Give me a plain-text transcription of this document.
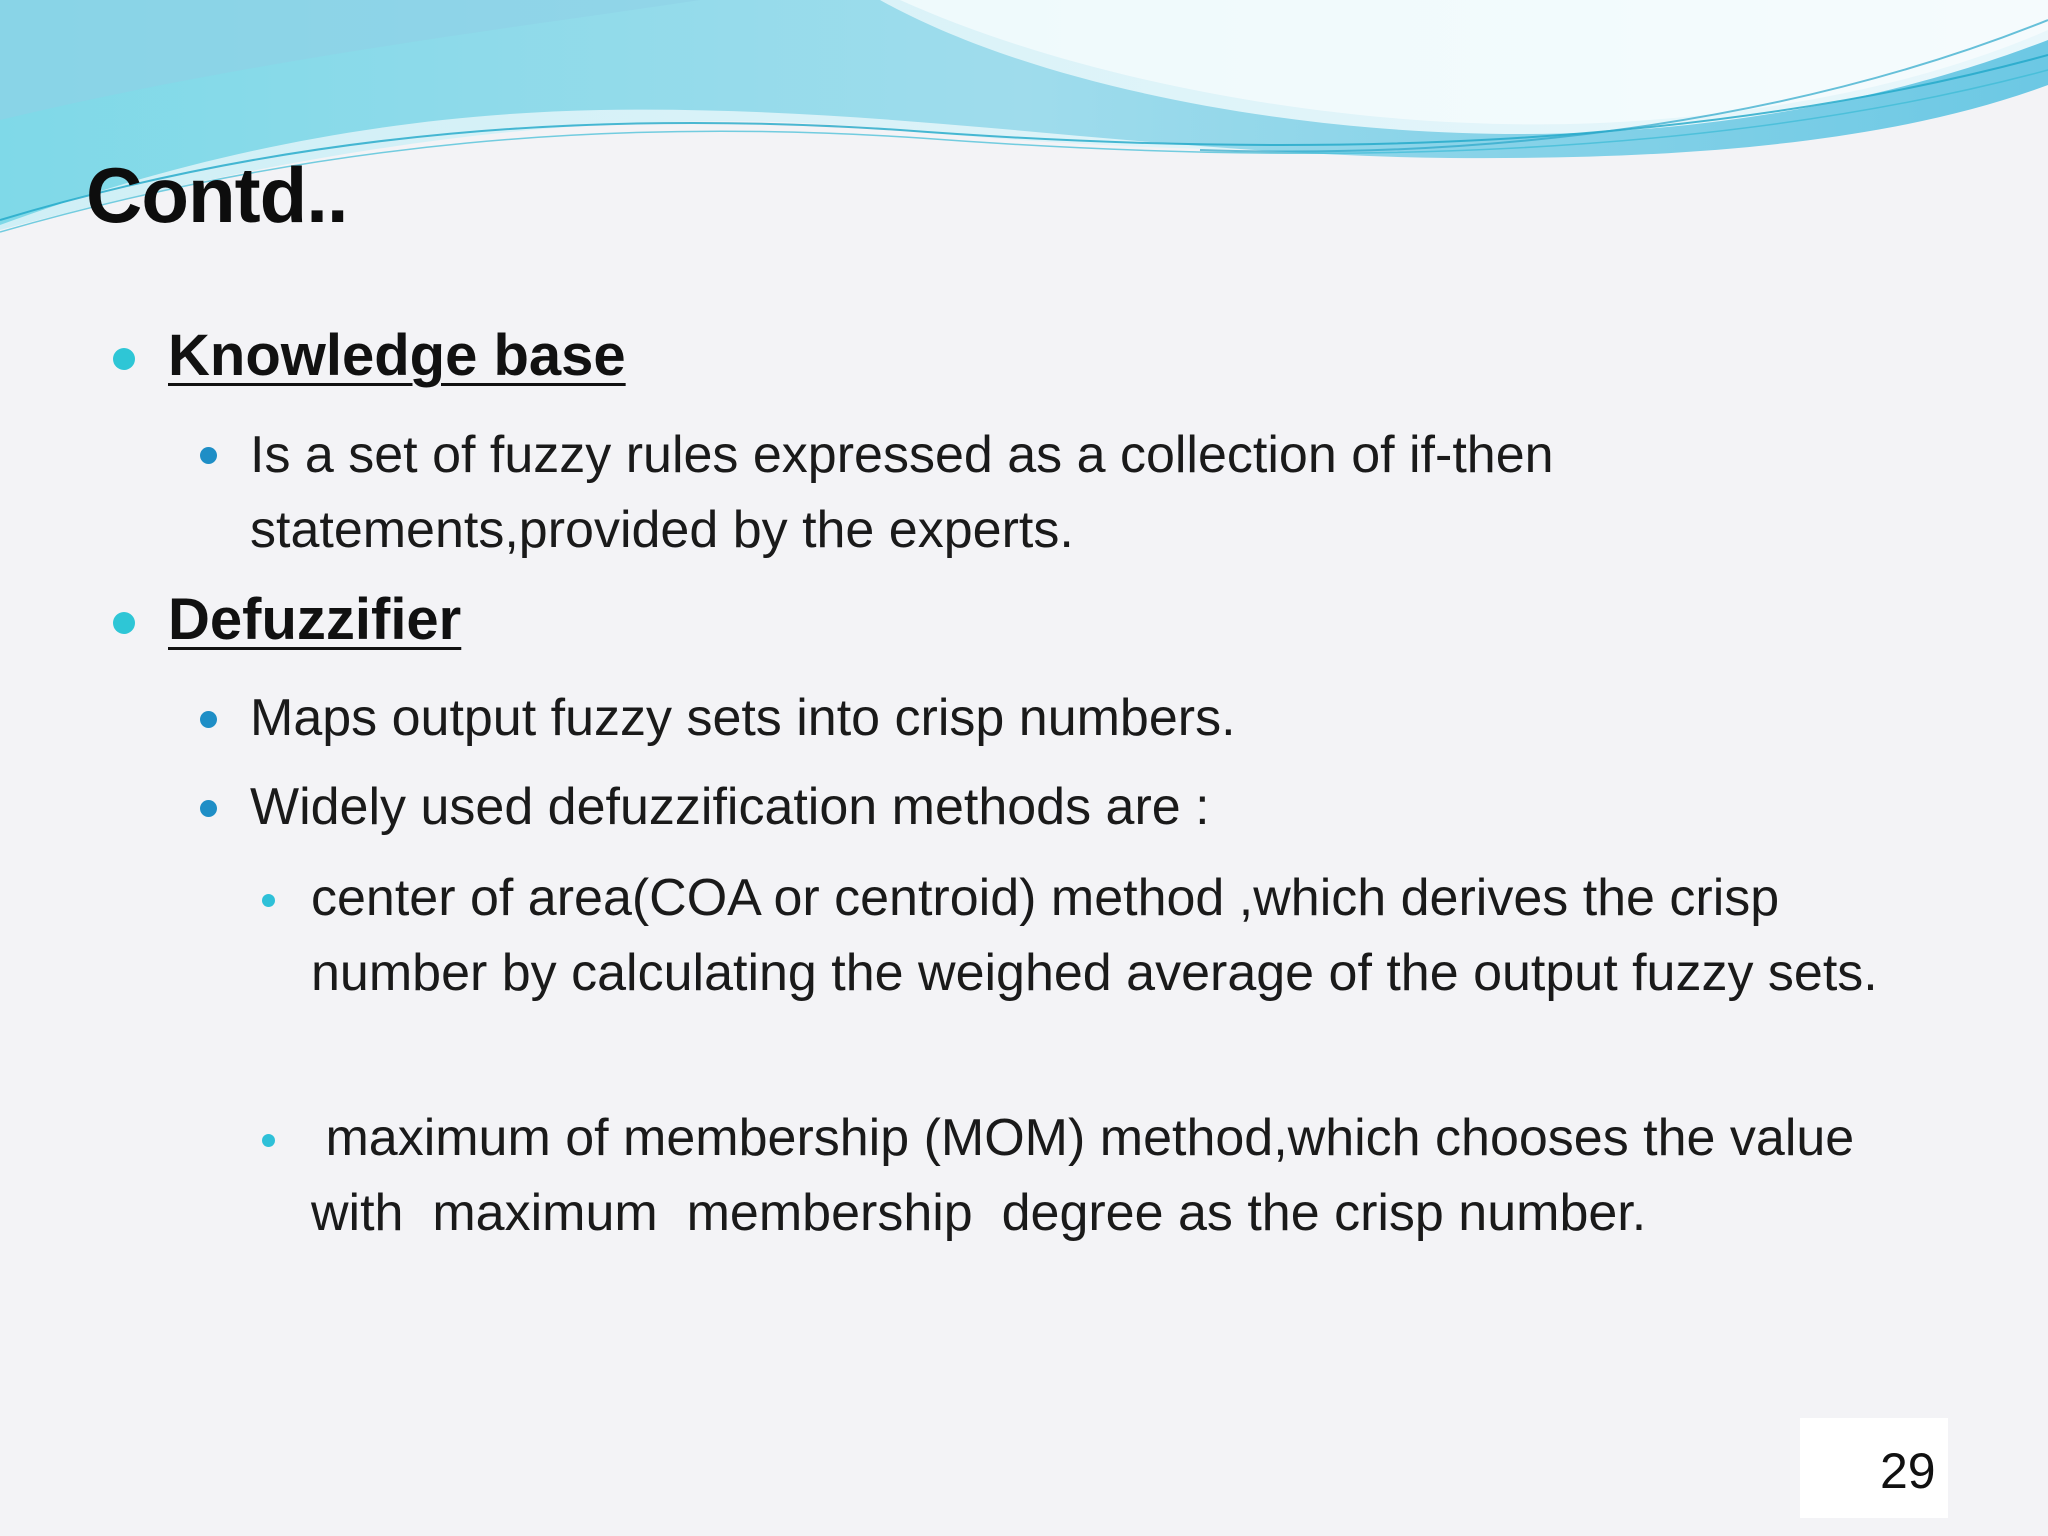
Contd..
Knowledge base
Is a set of fuzzy rules expressed as a collection of if-then statements,provided by the experts.
Defuzzifier
Maps output fuzzy sets into crisp numbers.
Widely used defuzzification methods are :
center of area(COA or centroid) method ,which derives the crisp number by calculating the weighed average of the output fuzzy sets.
maximum of membership (MOM) method,which chooses the value  with  maximum  membership  degree as the crisp number.
29
